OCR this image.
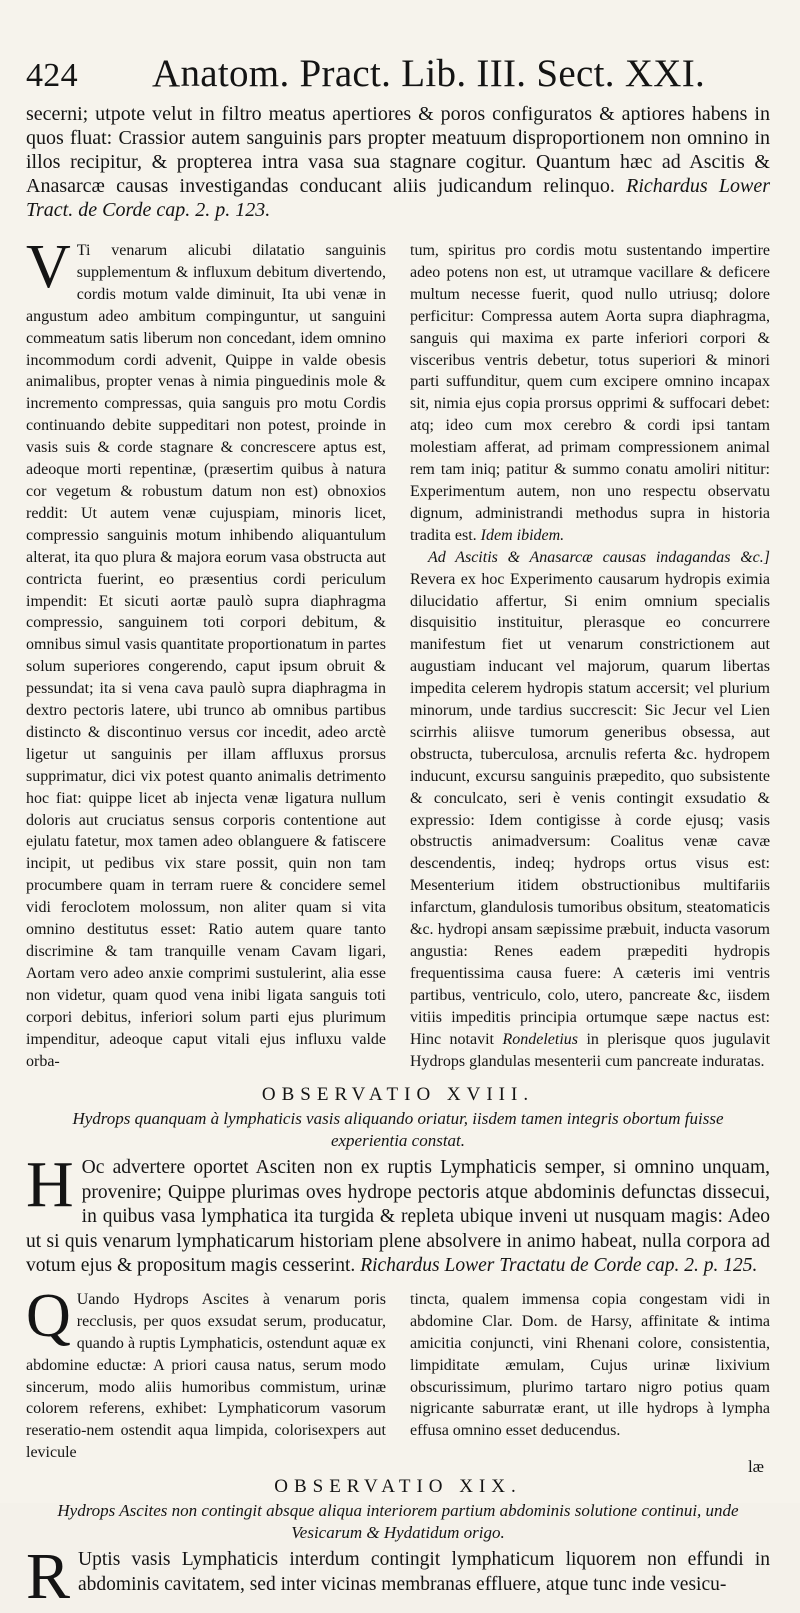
424	Anatom. Pract. Lib. III. Sect. XXI.

secerni; utpote velut in filtro meatus apertiores & poros configuratos & aptiores habens in quos fluat: Crassior autem sanguinis pars propter meatuum disproportionem non omnino in illos recipitur, & propterea intra vasa sua stagnare cogitur. Quantum hæc ad Ascitis & Anasarcæ causas investigandas conducant aliis judicandum relinquo. Richardus Lower Tract. de Corde cap. 2. p. 123.

V Ti venarum alicubi dilatatio sanguinis supplementum & influxum debitum divertendo, cordis motum valde diminuit, Ita ubi venæ in angustum adeo ambitum compinguntur, ut sanguini commeatum satis liberum non concedant, idem omnino incommodum cordi advenit, Quippe in valde obesis animalibus, propter venas à nimia pinguedinis mole & incremento compressas, quia sanguis pro motu Cordis continuando debite suppeditari non potest, proinde in vasis suis & corde stagnare & concrescere aptus est, adeoque morti repentinæ, (præsertim quibus à natura cor vegetum & robustum datum non est) obnoxios reddit: Ut autem venæ cujuspiam, minoris licet, compressio sanguinis motum inhibendo aliquantulum alterat, ita quo plura & majora eorum vasa obstructa aut contricta fuerint, eo præsentius cordi periculum impendit: Et sicuti aortæ paulò supra diaphragma compressio, sanguinem toti corpori debitum, & omnibus simul vasis quantitate proportionatum in partes solum superiores congerendo, caput ipsum obruit & pessundat; ita si vena cava paulò supra diaphragma in dextro pectoris latere, ubi trunco ab omnibus partibus distincto & discontinuo versus cor incedit, adeo arctè ligetur ut sanguinis per illam affluxus prorsus supprimatur, dici vix potest quanto animalis detrimento hoc fiat: quippe licet ab injecta venæ ligatura nullum doloris aut cruciatus sensus corporis contentione aut ejulatu fatetur, mox tamen adeo oblanguere & fatiscere incipit, ut pedibus vix stare possit, quin non tam procumbere quam in terram ruere & concidere semel vidi feroclotem molossum, non aliter quam si vita omnino destitutus esset: Ratio autem quare tanto discrimine & tam tranquille venam Cavam ligari, Aortam vero adeo anxie comprimi sustulerint, alia esse non videtur, quam quod vena inibi ligata sanguis toti corpori debitus, inferiori solum parti ejus plurimum impenditur, adeoque caput vitali ejus influxu valde orba-

tum, spiritus pro cordis motu sustentando impertire adeo potens non est, ut utramque vacillare & deficere multum necesse fuerit, quod nullo utriusq; dolore perficitur: Compressa autem Aorta supra diaphragma, sanguis qui maxima ex parte inferiori corpori & visceribus ventris debetur, totus superiori & minori parti suffunditur, quem cum excipere omnino incapax sit, nimia ejus copia prorsus opprimi & suffocari debet: atq; ideo cum mox cerebro & cordi ipsi tantam molestiam afferat, ad primam compressionem animal rem tam iniq; patitur & summo conatu amoliri nititur: Experimentum autem, non uno respectu observatu dignum, administrandi methodus supra in historia tradita est. Idem ibidem.

Ad Ascitis & Anasarcæ causas indagandas &c.] Revera ex hoc Experimento causarum hydropis eximia dilucidatio affertur, Si enim omnium specialis disquisitio instituitur, plerasque eo concurrere manifestum fiet ut venarum constrictionem aut augustiam inducant vel majorum, quarum libertas impedita celerem hydropis statum accersit; vel plurium minorum, unde tardius succrescit: Sic Jecur vel Lien scirrhis aliisve tumorum generibus obsessa, aut obstructa, tuberculosa, arcnulis referta &c. hydropem inducunt, excursu sanguinis præpedito, quo subsistente & conculcato, seri è venis contingit exsudatio & expressio: Idem contigisse à corde ejusq; vasis obstructis animadversum: Coalitus venæ cavæ descendentis, indeq; hydrops ortus visus est: Mesenterium itidem obstructionibus multifariis infarctum, glandulosis tumoribus obsitum, steatomaticis &c. hydropi ansam sæpissime præbuit, inducta vasorum angustia: Renes eadem præpediti hydropis frequentissima causa fuere: A cæteris imi ventris partibus, ventriculo, colo, utero, pancreate &c, iisdem vitiis impeditis principia ortumque sæpe nactus est: Hinc notavit Rondeletius in plerisque quos jugulavit Hydrops glandulas mesenterii cum pancreate induratas.

OBSERVATIO XVIII.
Hydrops quanquam à lymphaticis vasis aliquando oriatur, iisdem tamen integris obortum fuisse experientia constat.

H Oc advertere oportet Asciten non ex ruptis Lymphaticis semper, si omnino unquam, provenire; Quippe plurimas oves hydrope pectoris atque abdominis defunctas dissecui, in quibus vasa lymphatica ita turgida & repleta ubique inveni ut nusquam magis: Adeo ut si quis venarum lymphaticarum historiam plene absolvere in animo habeat, nulla corpora ad votum ejus & propositum magis cesserint. Richardus Lower Tractatu de Corde cap. 2. p. 125.

Q Uando Hydrops Ascites à venarum poris recclusis, per quos exsudat serum, producatur, quando à ruptis Lymphaticis, ostendunt aquæ ex abdomine eductæ: A priori causa natus, serum modo sincerum, modo aliis humoribus commistum, urinæ colorem referens, exhibet: Lymphaticorum vasorum reseratio-nem ostendit aqua limpida, colorisexpers aut levicule

tincta, qualem immensa copia congestam vidi in abdomine Clar. Dom. de Harsy, affinitate & intima amicitia conjuncti, vini Rhenani colore, consistentia, limpiditate æmulam, Cujus urinæ lixivium obscurissimum, plurimo tartaro nigro potius quam nigricante saburratæ erant, ut ille hydrops à lympha effusa omnino esset deducendus.

OBSERVATIO XIX.
Hydrops Ascites non contingit absque aliqua interiorem partium abdominis solutione continui, unde Vesicarum & Hydatidum origo.

R Uptis vasis Lymphaticis interdum contingit lymphaticum liquorem non effundi in abdominis cavitatem, sed inter vicinas membranas effluere, atque tunc inde vesicu-

læ
